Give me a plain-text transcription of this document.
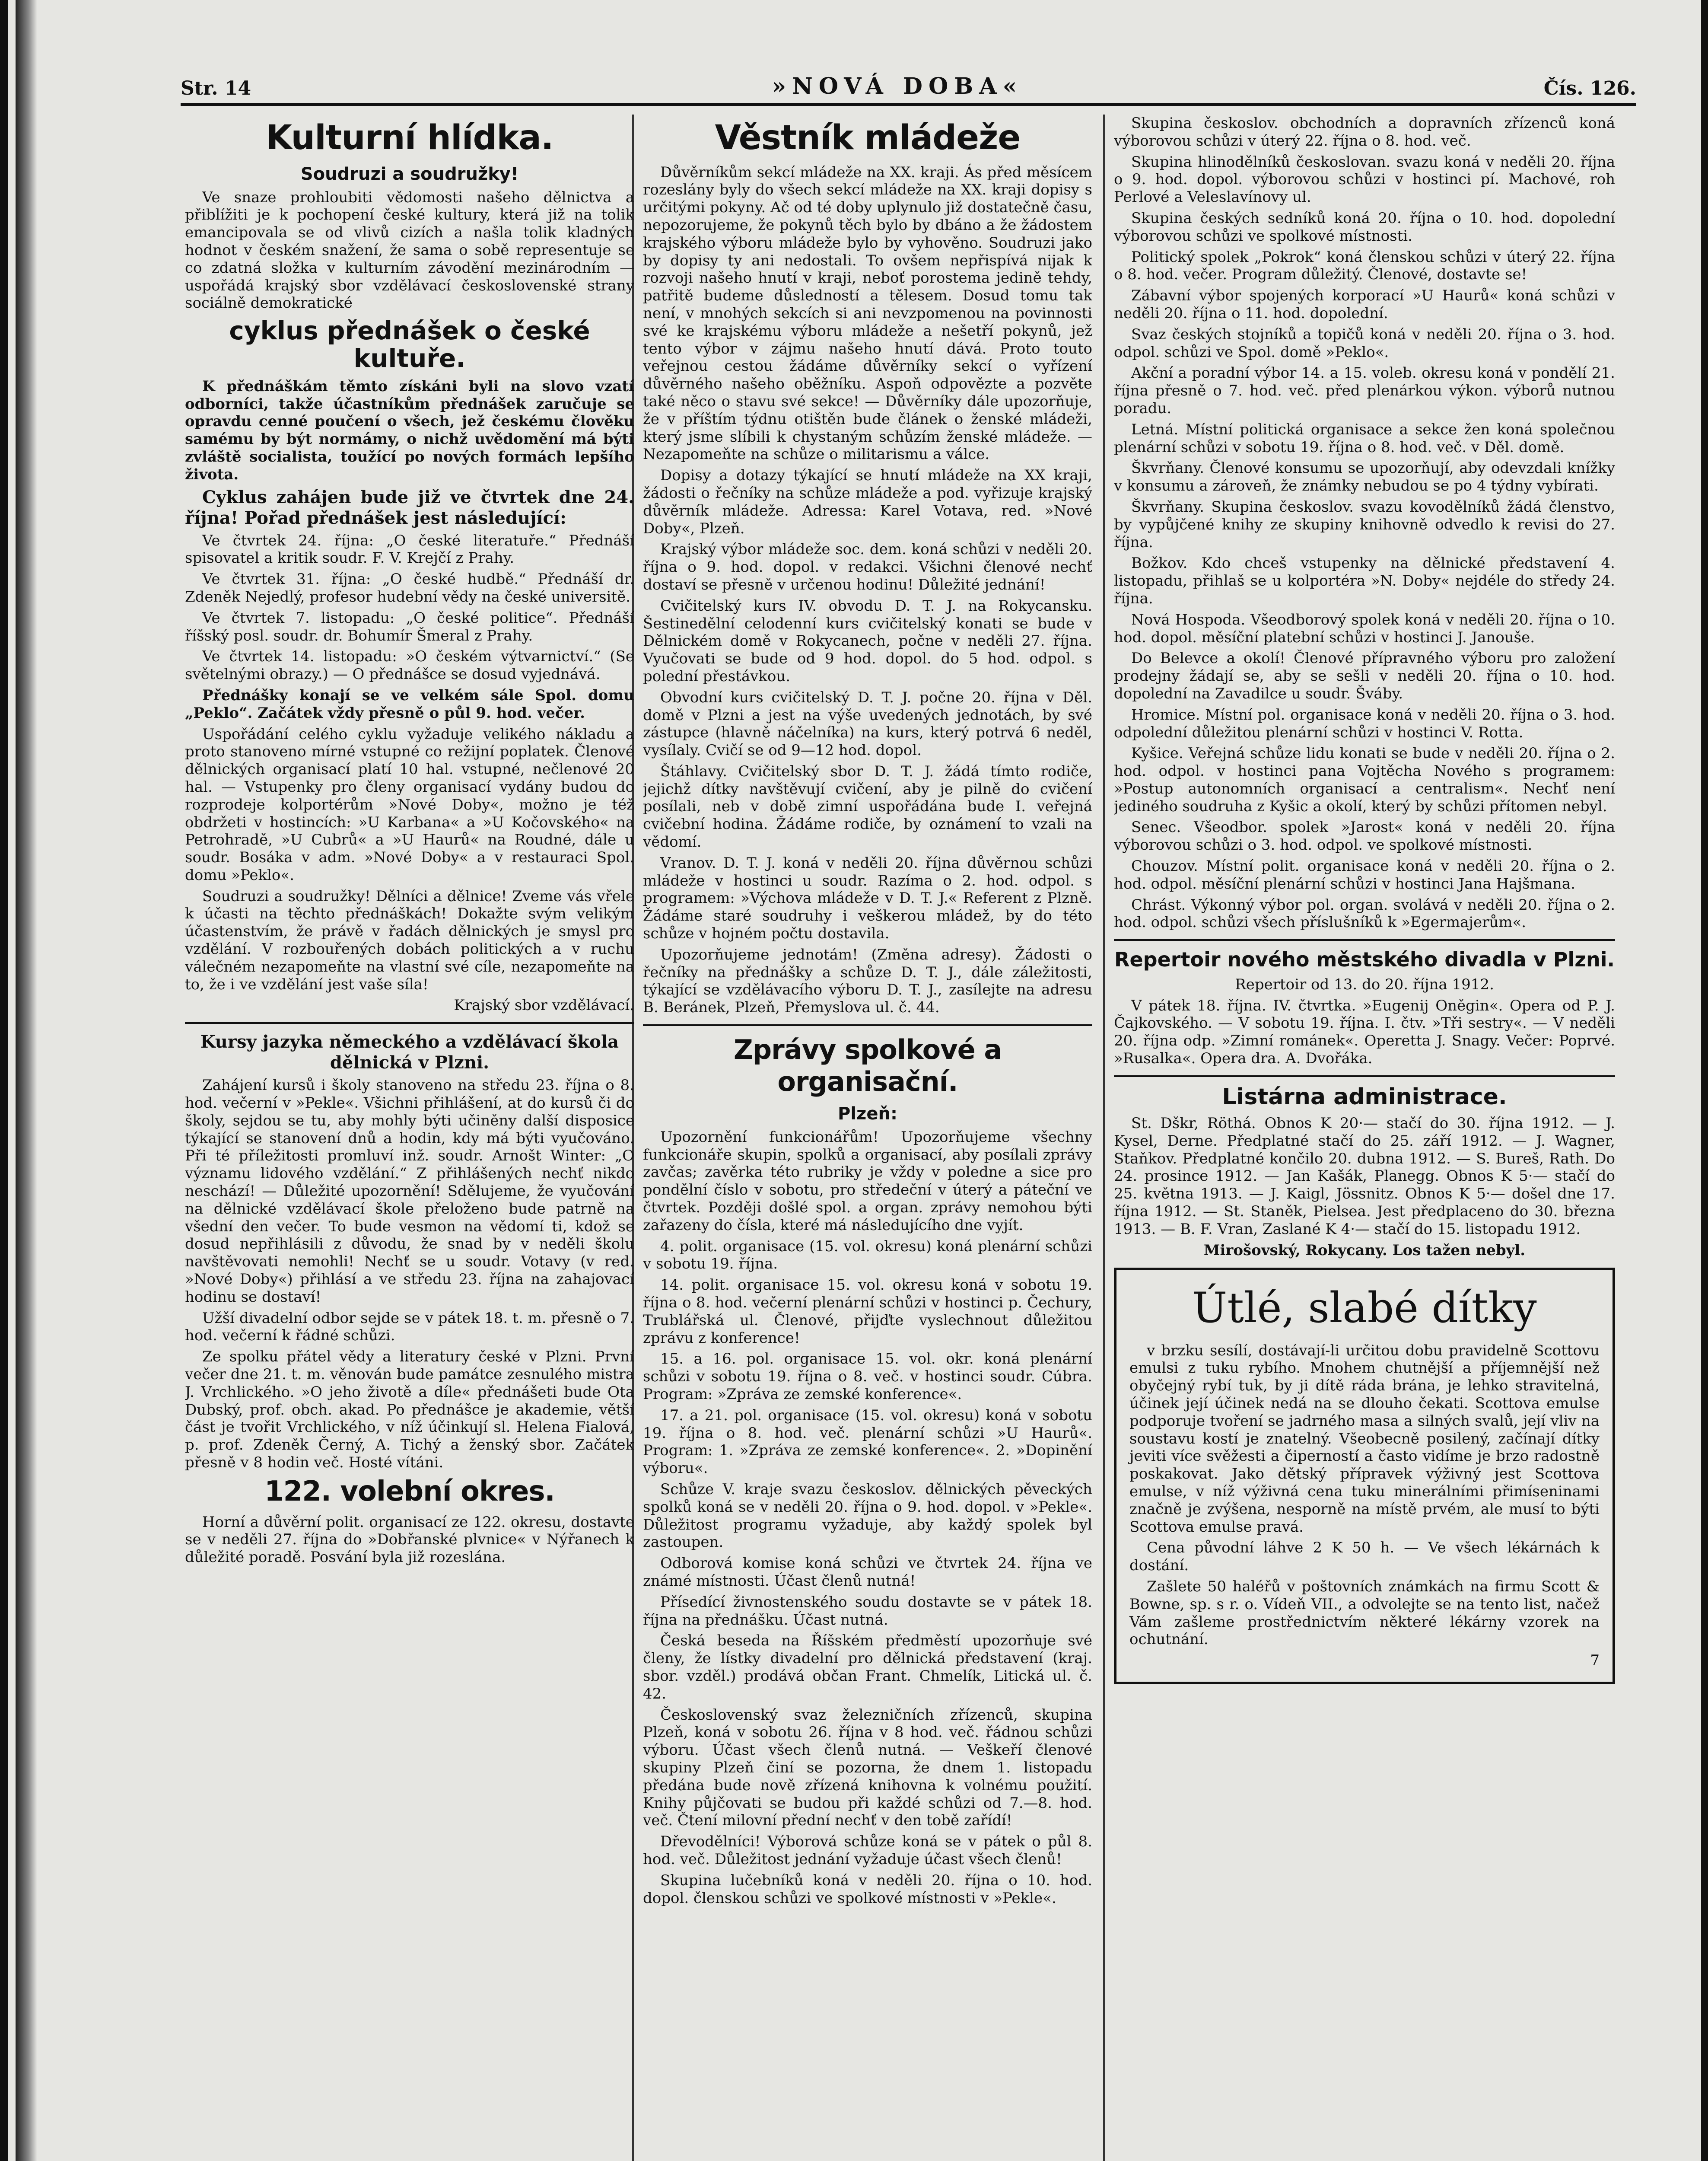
Str. 14	»NOVÁ DOBA«	Čís. 126.
Kulturní hlídka.
Soudruzi a soudružky!

Ve snaze prohloubiti vědomosti našeho dělnictva a přiblížiti je k pochopení české kultury, která již na tolik emancipovala se od vlivů cizích a našla tolik kladných hodnot v českém snažení, že sama o sobě representuje se co zdatná složka v kulturním závodění mezinárodním — uspořádá krajský sbor vzdělávací československé strany sociálně demokratické

cyklus přednášek o české kultuře.

K přednáškám těmto získáni byli na slovo vzatí odborníci, takže účastníkům přednášek zaručuje se opravdu cenné poučení o všech, jež českému člověku samému by být normámy, o nichž uvědomění má býti zvláště socialista, toužící po nových formách lepšího života.

Cyklus zahájen bude již ve čtvrtek dne 24. října! Pořad přednášek jest následující:

Ve čtvrtek 24. října: „O české literatuře.“ Přednáší spisovatel a kritik soudr. F. V. Krejčí z Prahy.

Ve čtvrtek 31. října: „O české hudbě.“ Přednáší dr. Zdeněk Nejedlý, profesor hudební vědy na české universitě.

Ve čtvrtek 7. listopadu: „O české politice“. Přednáší říšský posl. soudr. dr. Bohumír Šmeral z Prahy.

Ve čtvrtek 14. listopadu: »O českém výtvarnictví.“ (Se světelnými obrazy.) — O přednášce se dosud vyjednává.

Přednášky konají se ve velkém sále Spol. domu „Peklo“. Začátek vždy přesně o půl 9. hod. večer.

Uspořádání celého cyklu vyžaduje velikého nákladu a proto stanoveno mírné vstupné co režijní poplatek. Členové dělnických organisací platí 10 hal. vstupné, nečlenové 20 hal. — Vstupenky pro členy organisací vydány budou do rozprodeje kolportérům »Nové Doby«, možno je též obdržeti v hostincích: »U Karbana« a »U Kočovského« na Petrohradě, »U Cubrů« a »U Haurů« na Roudné, dále u soudr. Bosáka v adm. »Nové Doby« a v restauraci Spol. domu »Peklo«.

Soudruzi a soudružky! Dělníci a dělnice! Zveme vás vřele k účasti na těchto přednáškách! Dokažte svým velikým účastenstvím, že právě v řadách dělnických je smysl pro vzdělání. V rozbouřených dobách politických a v ruchu válečném nezapomeňte na vlastní své cíle, nezapomeňte na to, že i ve vzdělání jest vaše síla!

Krajský sbor vzdělávací.

Kursy jazyka německého a vzdělávací škola dělnická v Plzni.

Zahájení kursů i školy stanoveno na středu 23. října o 8. hod. večerní v »Pekle«. Všichni přihlášení, at do kursů či do školy, sejdou se tu, aby mohly býti učiněny další disposice týkající se stanovení dnů a hodin, kdy má býti vyučováno. Při té příležitosti promluví inž. soudr. Arnošt Winter: „O významu lidového vzdělání.“ Z přihlášených nechť nikdo neschází! — Důležité upozornění! Sdělujeme, že vyučování na dělnické vzdělávací škole přeloženo bude patrně na všední den večer. To bude vesmon na vědomí ti, kdož se dosud nepřihlásili z důvodu, že snad by v neděli školu navštěvovati nemohli! Nechť se u soudr. Votavy (v red. »Nové Doby«) přihlásí a ve středu 23. října na zahajovací hodinu se dostaví!

Užší divadelní odbor sejde se v pátek 18. t. m. přesně o 7. hod. večerní k řádné schůzi.

Ze spolku přátel vědy a literatury české v Plzni. První večer dne 21. t. m. věnován bude památce zesnulého mistra J. Vrchlického. »O jeho životě a díle« přednášeti bude Ota Dubský, prof. obch. akad. Po přednášce je akademie, větší část je tvořit Vrchlického, v níž účinkují sl. Helena Fialová, p. prof. Zdeněk Černý, A. Tichý a ženský sbor. Začátek přesně v 8 hodin več. Hosté vítáni.

122. volební okres.

Horní a důvěrní polit. organisací ze 122. okresu, dostavte se v neděli 27. října do »Dobřanské plvnice« v Nýřanech k důležité poradě. Posvání byla již rozeslána.

Věstník mládeže

Důvěrníkům sekcí mládeže na XX. kraji. Ás před měsícem rozeslány byly do všech sekcí mládeže na XX. kraji dopisy s určitými pokyny. Ač od té doby uplynulo již dostatečně času, nepozorujeme, že pokynů těch bylo by dbáno a že žádostem krajského výboru mládeže bylo by vyhověno. Soudruzi jako by dopisy ty ani nedostali. To ovšem nepřispívá nijak k rozvoji našeho hnutí v kraji, neboť porostema jedině tehdy, patřitě budeme důsledností a tělesem. Dosud tomu tak není, v mnohých sekcích si ani nevzpomenou na povinnosti své ke krajskému výboru mládeže a nešetří pokynů, jež tento výbor v zájmu našeho hnutí dává. Proto touto veřejnou cestou žádáme důvěrníky sekcí o vyřízení důvěrného našeho oběžníku. Aspoň odpovězte a pozvěte také něco o stavu své sekce! — Důvěrníky dále upozorňuje, že v příštím týdnu otištěn bude článek o ženské mládeži, který jsme slíbili k chystaným schůzím ženské mládeže. — Nezapomeňte na schůze o militarismu a válce.

Dopisy a dotazy týkající se hnutí mládeže na XX kraji, žádosti o řečníky na schůze mládeže a pod. vyřizuje krajský důvěrník mládeže. Adressa: Karel Votava, red. »Nové Doby«, Plzeň.

Krajský výbor mládeže soc. dem. koná schůzi v neděli 20. října o 9. hod. dopol. v redakci. Všichni členové nechť dostaví se přesně v určenou hodinu! Důležité jednání!

Cvičitelský kurs IV. obvodu D. T. J. na Rokycansku. Šestinedělní celodenní kurs cvičitelský konati se bude v Dělnickém domě v Rokycanech, počne v neděli 27. října. Vyučovati se bude od 9 hod. dopol. do 5 hod. odpol. s polední přestávkou.

Obvodní kurs cvičitelský D. T. J. počne 20. října v Děl. domě v Plzni a jest na výše uvedených jednotách, by své zástupce (hlavně náčelníka) na kurs, který potrvá 6 neděl, vysílaly. Cvičí se od 9—12 hod. dopol.

Štáhlavy. Cvičitelský sbor D. T. J. žádá tímto rodiče, jejichž dítky navštěvují cvičení, aby je pilně do cvičení posílali, neb v době zimní uspořádána bude I. veřejná cvičební hodina. Žádáme rodiče, by oznámení to vzali na vědomí.

Vranov. D. T. J. koná v neděli 20. října důvěrnou schůzi mládeže v hostinci u soudr. Razíma o 2. hod. odpol. s programem: »Výchova mládeže v D. T. J.« Referent z Plzně. Žádáme staré soudruhy i veškerou mládež, by do této schůze v hojném počtu dostavila.

Upozorňujeme jednotám! (Změna adresy). Žádosti o řečníky na přednášky a schůze D. T. J., dále záležitosti, týkající se vzdělávacího výboru D. T. J., zasílejte na adresu B. Beránek, Plzeň, Přemyslova ul. č. 44.

Zprávy spolkové a organisační.
Plzeň:

Upozornění funkcionářům! Upozorňujeme všechny funkcionáře skupin, spolků a organisací, aby posílali zprávy zavčas; zavěrka této rubriky je vždy v poledne a sice pro pondělní číslo v sobotu, pro středeční v úterý a páteční ve čtvrtek. Později došlé spol. a organ. zprávy nemohou býti zařazeny do čísla, které má následujícího dne vyjít.

4. polit. organisace (15. vol. okresu) koná plenární schůzi v sobotu 19. října.

14. polit. organisace 15. vol. okresu koná v sobotu 19. října o 8. hod. večerní plenární schůzi v hostinci p. Čechury, Trublářská ul. Členové, přijďte vyslechnout důležitou zprávu z konference!

15. a 16. pol. organisace 15. vol. okr. koná plenární schůzi v sobotu 19. října o 8. več. v hostinci soudr. Cúbra. Program: »Zpráva ze zemské konference«.

17. a 21. pol. organisace (15. vol. okresu) koná v sobotu 19. října o 8. hod. več. plenární schůzi »U Haurů«. Program: 1. »Zpráva ze zemské konference«. 2. »Dopinění výboru«.

Schůze V. kraje svazu českoslov. dělnických pěveckých spolků koná se v neděli 20. října o 9. hod. dopol. v »Pekle«. Důležitost programu vyžaduje, aby každý spolek byl zastoupen.

Odborová komise koná schůzi ve čtvrtek 24. října ve známé místnosti. Účast členů nutná!

Přísedící živnostenského soudu dostavte se v pátek 18. října na přednášku. Účast nutná.

Česká beseda na Říšském předměstí upozorňuje své členy, že lístky divadelní pro dělnická představení (kraj. sbor. vzděl.) prodává občan Frant. Chmelík, Litická ul. č. 42.

Československý svaz železničních zřízenců, skupina Plzeň, koná v sobotu 26. října v 8 hod. več. řádnou schůzi výboru. Účast všech členů nutná. — Veškeří členové skupiny Plzeň činí se pozorna, že dnem 1. listopadu předána bude nově zřízená knihovna k volnému použití. Knihy půjčovati se budou při každé schůzi od 7.—8. hod. več. Čtení milovní přední nechť v den tobě zařídí!

Dřevodělníci! Výborová schůze koná se v pátek o půl 8. hod. več. Důležitost jednání vyžaduje účast všech členů!

Skupina lučebníků koná v neděli 20. října o 10. hod. dopol. členskou schůzi ve spolkové místnosti v »Pekle«.

Skupina českoslov. obchodních a dopravních zřízenců koná výborovou schůzi v úterý 22. října o 8. hod. več.

Skupina hlinodělníků českoslovan. svazu koná v neděli 20. října o 9. hod. dopol. výborovou schůzi v hostinci pí. Machové, roh Perlové a Veleslavínovy ul.

Skupina českých sedníků koná 20. října o 10. hod. dopolední výborovou schůzi ve spolkové místnosti.

Politický spolek „Pokrok“ koná členskou schůzi v úterý 22. října o 8. hod. večer. Program důležitý. Členové, dostavte se!

Zábavní výbor spojených korporací »U Haurů« koná schůzi v neděli 20. října o 11. hod. dopolední.

Svaz českých stojníků a topičů koná v neděli 20. října o 3. hod. odpol. schůzi ve Spol. domě »Peklo«.

Akční a poradní výbor 14. a 15. voleb. okresu koná v pondělí 21. října přesně o 7. hod. več. před plenárkou výkon. výborů nutnou poradu.

Letná. Místní politická organisace a sekce žen koná společnou plenární schůzi v sobotu 19. října o 8. hod. več. v Děl. domě.

Škvrňany. Členové konsumu se upozorňují, aby odevzdali knížky v konsumu a zároveň, že známky nebudou se po 4 týdny vybírati.

Škvrňany. Skupina českoslov. svazu kovodělníků žádá členstvo, by vypůjčené knihy ze skupiny knihovně odvedlo k revisi do 27. října.

Božkov. Kdo chceš vstupenky na dělnické představení 4. listopadu, přihlaš se u kolportéra »N. Doby« nejdéle do středy 24. října.

Nová Hospoda. Všeodborový spolek koná v neděli 20. října o 10. hod. dopol. měsíční platební schůzi v hostinci J. Janouše.

Do Belevce a okolí! Členové přípravného výboru pro založení prodejny žádají se, aby se sešli v neděli 20. října o 10. hod. dopolední na Zavadilce u soudr. Šváby.

Hromice. Místní pol. organisace koná v neděli 20. října o 3. hod. odpolední důležitou plenární schůzi v hostinci V. Rotta.

Kyšice. Veřejná schůze lidu konati se bude v neděli 20. října o 2. hod. odpol. v hostinci pana Vojtěcha Nového s programem: »Postup autonomních organisací a centralism«. Nechť není jediného soudruha z Kyšic a okolí, který by schůzi přítomen nebyl.

Senec. Všeodbor. spolek »Jarost« koná v neděli 20. října výborovou schůzi o 3. hod. odpol. ve spolkové místnosti.

Chouzov. Místní polit. organisace koná v neděli 20. října o 2. hod. odpol. měsíční plenární schůzi v hostinci Jana Hajšmana.

Chrást. Výkonný výbor pol. organ. svolává v neděli 20. října o 2. hod. odpol. schůzi všech příslušníků k »Egermajerům«.

Repertoir nového městského divadla v Plzni.

Repertoir od 13. do 20. října 1912.

V pátek 18. října. IV. čtvrtka. »Eugenij Oněgin«. Opera od P. J. Čajkovského. — V sobotu 19. října. I. čtv. »Tři sestry«. — V neděli 20. října odp. »Zimní románek«. Operetta J. Snagy. Večer: Poprvé. »Rusalka«. Opera dra. A. Dvořáka.

Listárna administrace.

St. Dškr, Röthá. Obnos K 20·— stačí do 30. října 1912. — J. Kysel, Derne. Předplatné stačí do 25. září 1912. — J. Wagner, Staňkov. Předplatné končilo 20. dubna 1912. — S. Bureš, Rath. Do 24. prosince 1912. — Jan Kašák, Planegg. Obnos K 5·— stačí do 25. května 1913. — J. Kaigl, Jössnitz. Obnos K 5·— došel dne 17. října 1912. — St. Staněk, Pielsea. Jest předplaceno do 30. března 1913. — B. F. Vran, Zaslané K 4·— stačí do 15. listopadu 1912.

Mirošovský, Rokycany. Los tažen nebyl.

Útlé, slabé dítky

v brzku sesílí, dostávají-li určitou dobu pravidelně Scottovu emulsi z tuku rybího. Mnohem chutnější a příjemnější než obyčejný rybí tuk, by ji dítě ráda brána, je lehko stravitelná, účinek její účinek nedá na se dlouho čekati. Scottova emulse podporuje tvoření se jadrného masa a silných svalů, její vliv na soustavu kostí je znatelný. Všeobecně posilený, začínají dítky jeviti více svěžesti a čiperností a často vidíme je brzo radostně poskakovat. Jako dětský přípravek výživný jest Scottova emulse, v níž výživná cena tuku minerálními přimíseninami značně je zvýšena, nesporně na místě prvém, ale musí to býti Scottova emulse pravá.

Cena původní láhve 2 K 50 h. — Ve všech lékárnách k dostání.

Zašlete 50 haléřů v poštovních známkách na firmu Scott & Bowne, sp. s r. o. Vídeň VII., a odvolejte se na tento list, načež Vám zašleme prostřednictvím některé lékárny vzorek na ochutnání.

7
